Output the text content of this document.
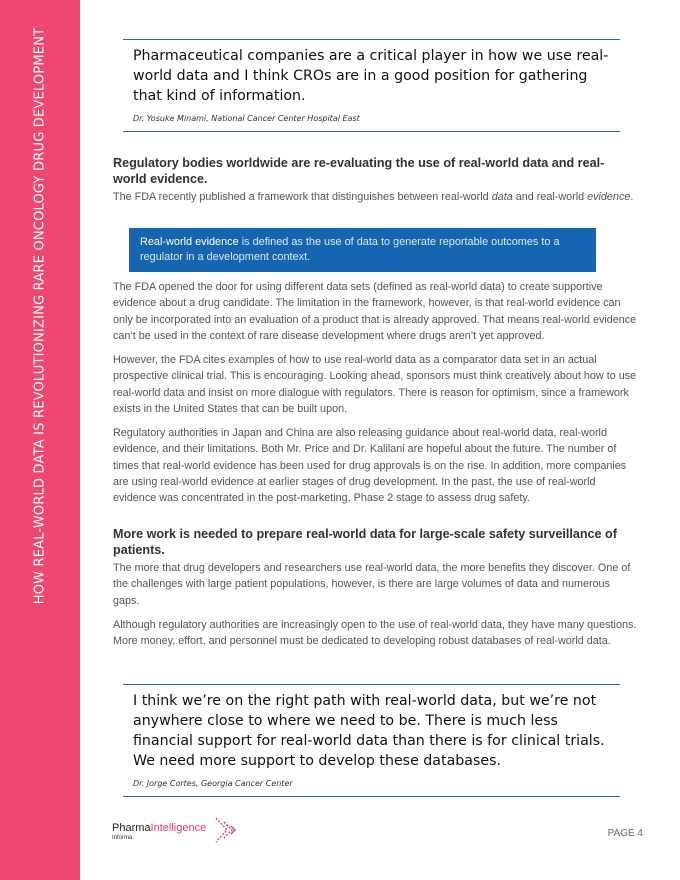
HOW REAL-WORLD DATA IS REVOLUTIONIZING RARE ONCOLOGY DRUG DEVELOPMENT	Pharmaceutical companies are a critical player in how we use real-world data and I think CROs are in a good position for gathering that kind of information.

Dr. Yosuke Minami, National Cancer Center Hospital East

Regulatory bodies worldwide are re-evaluating the use of real-world data and real-world evidence.

The FDA recently published a framework that distinguishes between real-world data and real-world evidence.

Real-world evidence is defined as the use of data to generate reportable outcomes to a regulator in a development context.

The FDA opened the door for using different data sets (defined as real-world data) to create supportive evidence about a drug candidate. The limitation in the framework, however, is that real-world evidence can only be incorporated into an evaluation of a product that is already approved. That means real-world evidence can’t be used in the context of rare disease development where drugs aren’t yet approved.

However, the FDA cites examples of how to use real-world data as a comparator data set in an actual prospective clinical trial. This is encouraging. Looking ahead, sponsors must think creatively about how to use real-world data and insist on more dialogue with regulators. There is reason for optimism, since a framework exists in the United States that can be built upon.

Regulatory authorities in Japan and China are also releasing guidance about real-world data, real-world evidence, and their limitations. Both Mr. Price and Dr. Kalilani are hopeful about the future. The number of times that real-world evidence has been used for drug approvals is on the rise. In addition, more companies are using real-world evidence at earlier stages of drug development. In the past, the use of real-world evidence was concentrated in the post-marketing, Phase 2 stage to assess drug safety.

More work is needed to prepare real-world data for large-scale safety surveillance of patients.

The more that drug developers and researchers use real-world data, the more benefits they discover. One of the challenges with large patient populations, however, is there are large volumes of data and numerous gaps.

Although regulatory authorities are increasingly open to the use of real-world data, they have many questions. More money, effort, and personnel must be dedicated to developing robust databases of real-world data.

I think we’re on the right path with real-world data, but we’re not anywhere close to where we need to be. There is much less financial support for real-world data than there is for clinical trials. We need more support to develop these databases.

Dr. Jorge Cortes, Georgia Cancer Center

PharmaIntelligence
Informa	PAGE 4
